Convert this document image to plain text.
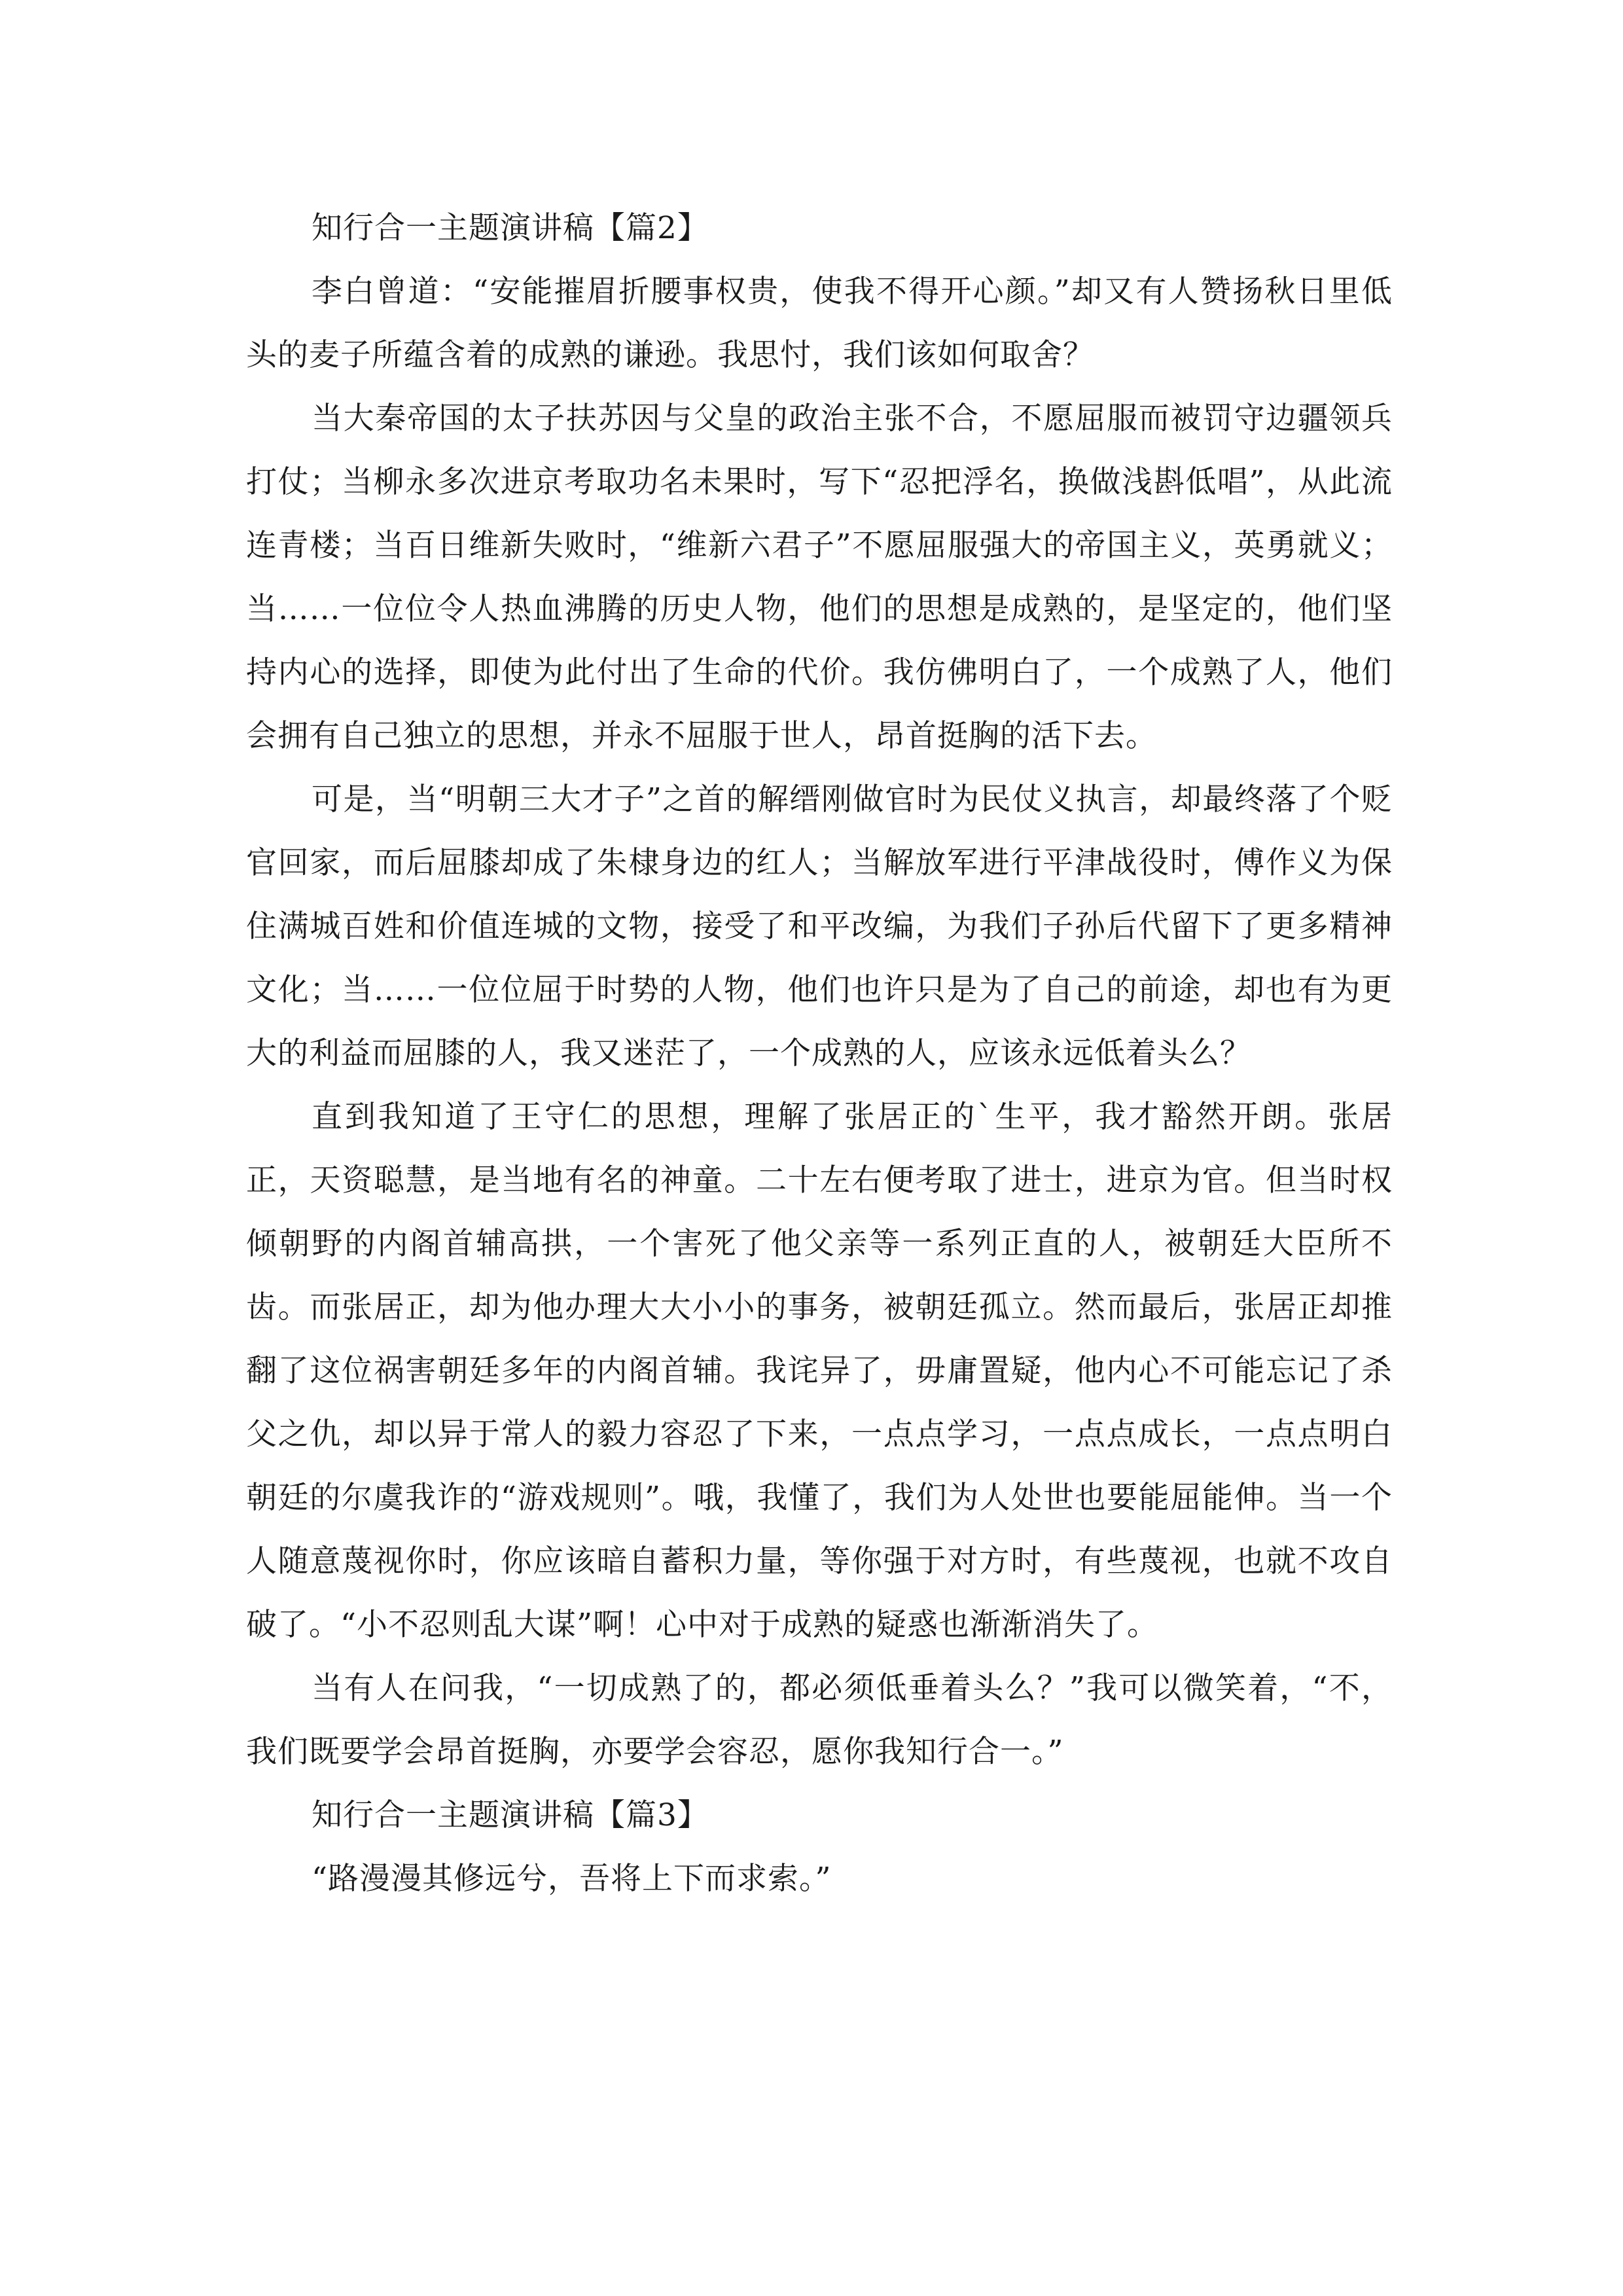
知行合一主题演讲稿【篇2】

李白曾道：“安能摧眉折腰事权贵，使我不得开心颜。”却又有人赞扬秋日里低头的麦子所蕴含着的成熟的谦逊。我思忖，我们该如何取舍？

当大秦帝国的太子扶苏因与父皇的政治主张不合，不愿屈服而被罚守边疆领兵打仗；当柳永多次进京考取功名未果时，写下“忍把浮名，换做浅斟低唱”，从此流连青楼；当百日维新失败时，“维新六君子”不愿屈服强大的帝国主义，英勇就义；当……一位位令人热血沸腾的历史人物，他们的思想是成熟的，是坚定的，他们坚持内心的选择，即使为此付出了生命的代价。我仿佛明白了，一个成熟了人，他们会拥有自己独立的思想，并永不屈服于世人，昂首挺胸的活下去。

可是，当“明朝三大才子”之首的解缙刚做官时为民仗义执言，却最终落了个贬官回家，而后屈膝却成了朱棣身边的红人；当解放军进行平津战役时，傅作义为保住满城百姓和价值连城的文物，接受了和平改编，为我们子孙后代留下了更多精神文化；当……一位位屈于时势的人物，他们也许只是为了自己的前途，却也有为更大的利益而屈膝的人，我又迷茫了，一个成熟的人，应该永远低着头么？

直到我知道了王守仁的思想，理解了张居正的`生平，我才豁然开朗。张居正，天资聪慧，是当地有名的神童。二十左右便考取了进士，进京为官。但当时权倾朝野的内阁首辅高拱，一个害死了他父亲等一系列正直的人，被朝廷大臣所不齿。而张居正，却为他办理大大小小的事务，被朝廷孤立。然而最后，张居正却推翻了这位祸害朝廷多年的内阁首辅。我诧异了，毋庸置疑，他内心不可能忘记了杀父之仇，却以异于常人的毅力容忍了下来，一点点学习，一点点成长，一点点明白朝廷的尔虞我诈的“游戏规则”。哦，我懂了，我们为人处世也要能屈能伸。当一个人随意蔑视你时，你应该暗自蓄积力量，等你强于对方时，有些蔑视，也就不攻自破了。“小不忍则乱大谋”啊！心中对于成熟的疑惑也渐渐消失了。

当有人在问我，“一切成熟了的，都必须低垂着头么？”我可以微笑着，“不，我们既要学会昂首挺胸，亦要学会容忍，愿你我知行合一。”

知行合一主题演讲稿【篇3】

“路漫漫其修远兮，吾将上下而求索。”
